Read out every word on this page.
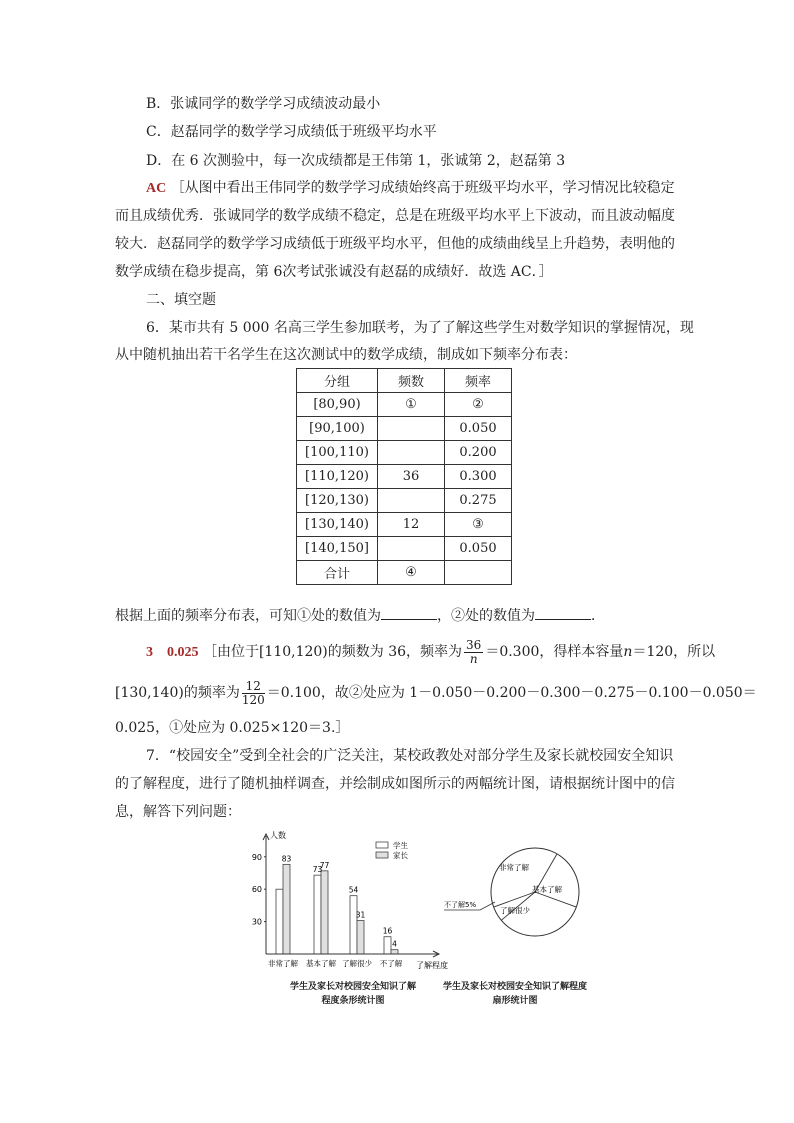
B．张诚同学的数学学习成绩波动最小
C．赵磊同学的数学学习成绩低于班级平均水平
D．在 6 次测验中，每一次成绩都是王伟第 1，张诚第 2，赵磊第 3
AC ［从图中看出王伟同学的数学学习成绩始终高于班级平均水平，学习情况比较稳定
而且成绩优秀．张诚同学的数学成绩不稳定，总是在班级平均水平上下波动，而且波动幅度
较大．赵磊同学的数学学习成绩低于班级平均水平，但他的成绩曲线呈上升趋势，表明他的
数学成绩在稳步提高，第 6次考试张诚没有赵磊的成绩好．故选 AC．］
二、填空题
6．某市共有 5 000 名高三学生参加联考，为了了解这些学生对数学知识的掌握情况，现
从中随机抽出若干名学生在这次测试中的数学成绩，制成如下频率分布表：
分组	频数	频率
[80,90)	①	②
[90,100)		0.050
[100,110)		0.200
[110,120)	36	0.300
[120,130)		0.275
[130,140)	12	③
[140,150]		0.050
合计	④	
根据上面的频率分布表，可知①处的数值为	，②处的数值为	．
3　0.025 ［由位于[110,120)的频数为 36，频率为 $\frac{36}{n} =0.300$，得样本容量n＝120，所以
[130,140)的频率为 $\frac{12}{120} =0.100$，故②处应为 1－0.050－0.200－0.300－0.275－0.100－0.050＝
0.025，①处应为 0.025×120＝3.］
7．“校园安全”受到全社会的广泛关注，某校政教处对部分学生及家长就校园安全知识
的了解程度，进行了随机抽样调查，并绘制成如图所示的两幅统计图，请根据统计图中的信
息，解答下列问题：
人数
了解程度
30
60
90
非常了解 基本了解 了解很少 不了解
83
73
77
54
31
16
4
学生
家长
学生及家长对校园安全知识了解
程度条形统计图
非常了解
基本了解
了解很少
不了解5%
学生及家长对校园安全知识了解程度扇形统计图
